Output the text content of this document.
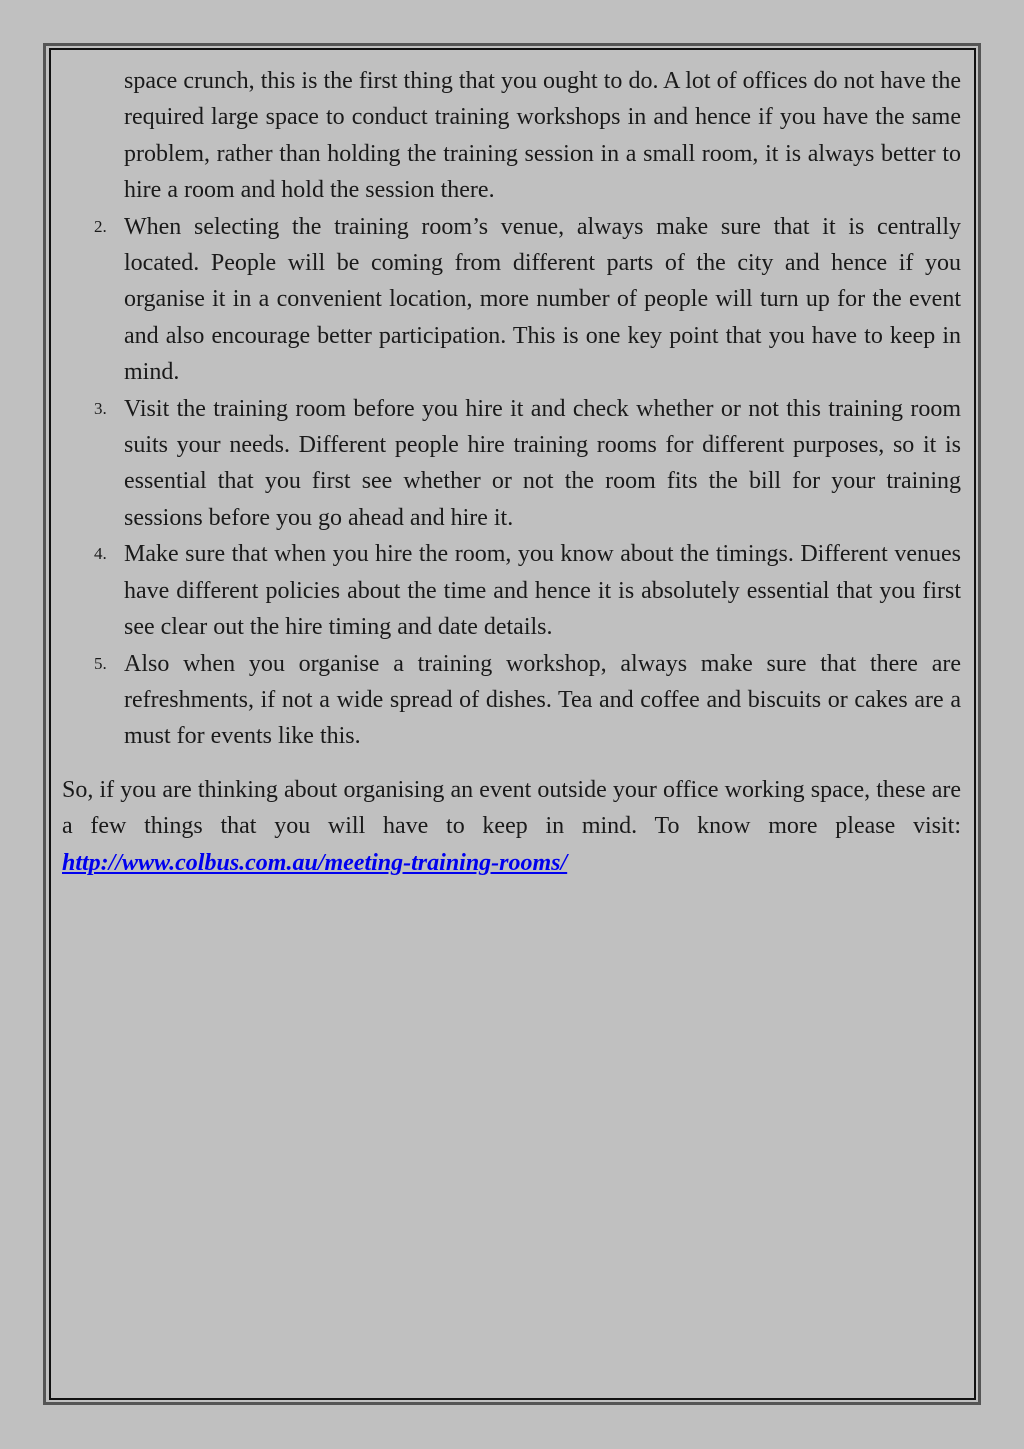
space crunch, this is the first thing that you ought to do. A lot of offices do not have the required large space to conduct training workshops in and hence if you have the same problem, rather than holding the training session in a small room, it is always better to hire a room and hold the session there.

2. When selecting the training room’s venue, always make sure that it is centrally located. People will be coming from different parts of the city and hence if you organise it in a convenient location, more number of people will turn up for the event and also encourage better participation. This is one key point that you have to keep in mind.

3. Visit the training room before you hire it and check whether or not this training room suits your needs. Different people hire training rooms for different purposes, so it is essential that you first see whether or not the room fits the bill for your training sessions before you go ahead and hire it.

4. Make sure that when you hire the room, you know about the timings. Different venues have different policies about the time and hence it is absolutely essential that you first see clear out the hire timing and date details.

5. Also when you organise a training workshop, always make sure that there are refreshments, if not a wide spread of dishes. Tea and coffee and biscuits or cakes are a must for events like this.

So, if you are thinking about organising an event outside your office working space, these are a few things that you will have to keep in mind. To know more please visit: http://www.colbus.com.au/meeting-training-rooms/
